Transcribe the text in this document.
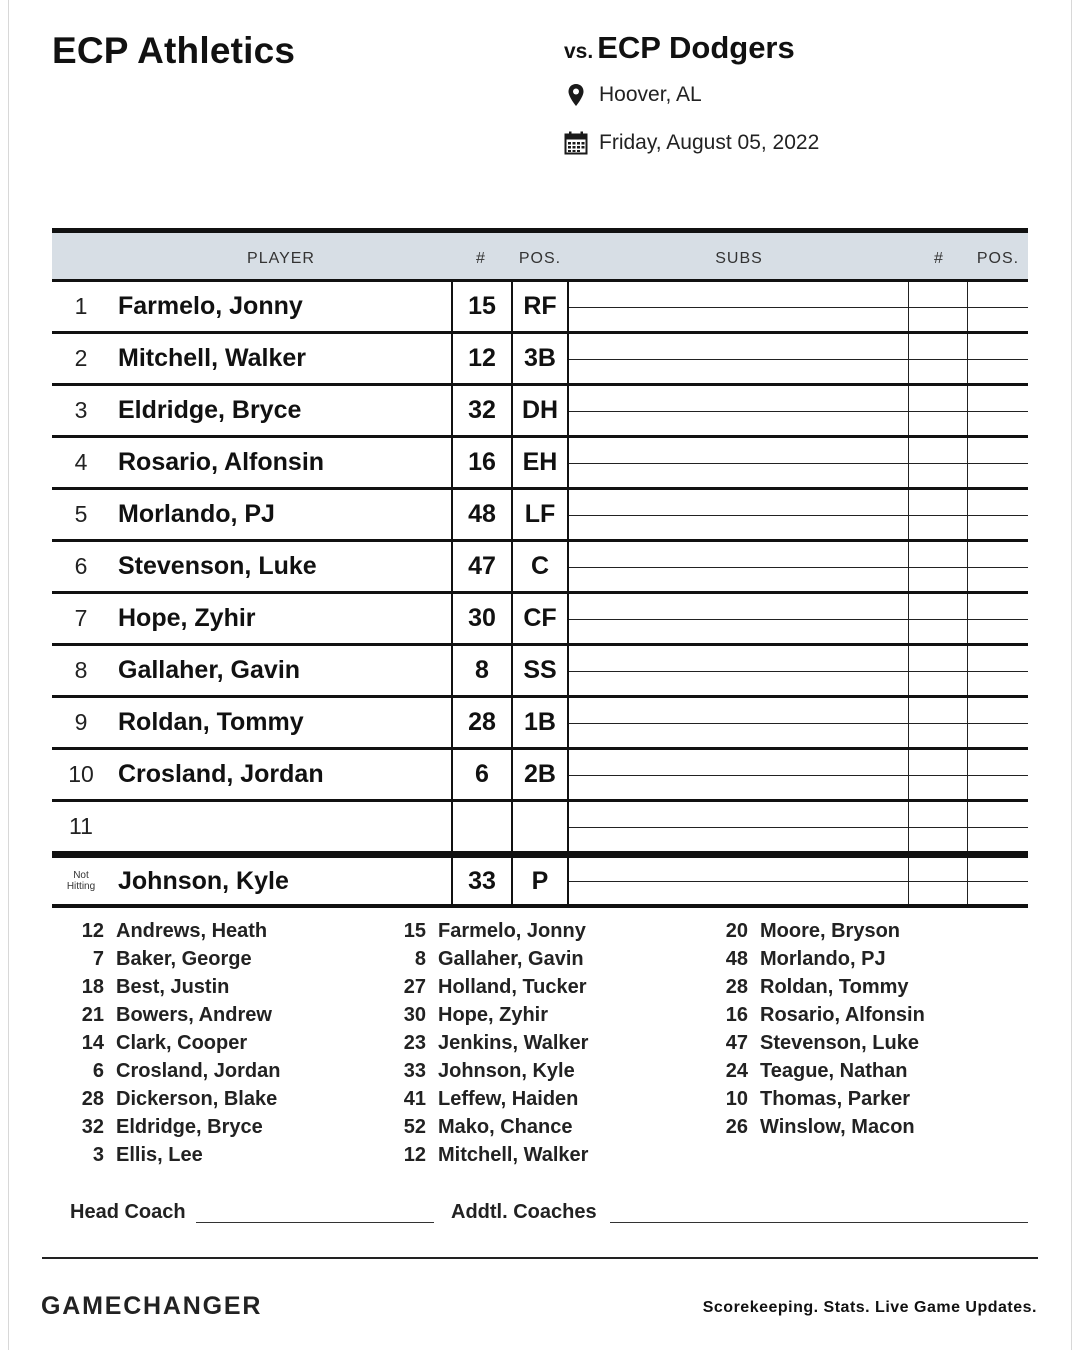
ECP Athletics	vs. ECP Dodgers
Hoover, AL
Friday, August 05, 2022
PLAYER	# POS.	SUBS	# POS.
1	Farmelo, Jonny	15	RF
2	Mitchell, Walker	12	3B
3	Eldridge, Bryce	32	DH
4	Rosario, Alfonsin	16	EH
5	Morlando, PJ	48	LF
6	Stevenson, Luke	47	C
7	Hope, Zyhir	30	CF
8	Gallaher, Gavin	8	SS
9	Roldan, Tommy	28	1B
10 Crosland, Jordan	6	2B
11
Not
Hitting Johnson, Kyle	33	P
12 Andrews, Heath
7 Baker, George
18 Best, Justin
21 Bowers, Andrew
14 Clark, Cooper
6 Crosland, Jordan
28 Dickerson, Blake
32 Eldridge, Bryce
3 Ellis, Lee
15 Farmelo, Jonny
8 Gallaher, Gavin
27 Holland, Tucker
30 Hope, Zyhir
23 Jenkins, Walker
33 Johnson, Kyle
41 Leffew, Haiden
52 Mako, Chance
12 Mitchell, Walker
20 Moore, Bryson
48 Morlando, PJ
28 Roldan, Tommy
16 Rosario, Alfonsin
47 Stevenson, Luke
24 Teague, Nathan
10 Thomas, Parker
26 Winslow, Macon
Head Coach	Addtl. Coaches
GAMECHANGER	Scorekeeping. Stats. Live Game Updates.
